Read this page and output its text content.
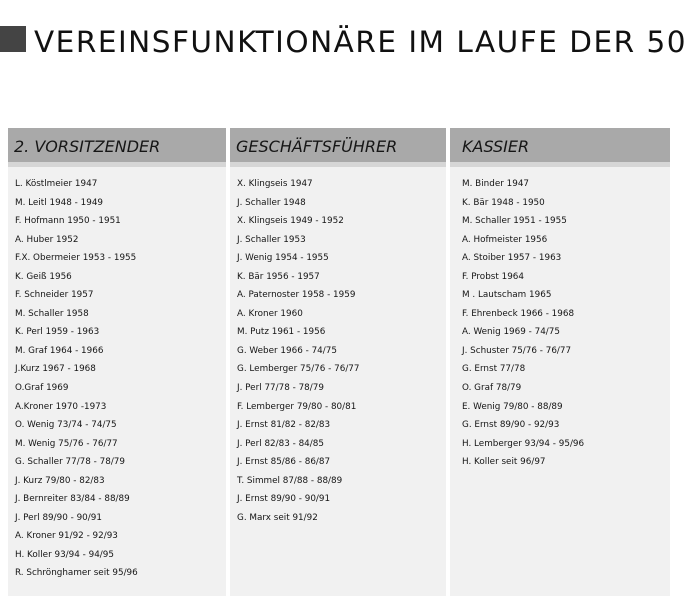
VEREINSFUNKTIONÄRE IM LAUFE DER 50
2. VORSITZENDER
L. Köstlmeier 1947
M. Leitl 1948 - 1949
F. Hofmann 1950 - 1951
A. Huber 1952
F.X. Obermeier 1953 - 1955
K. Geiß 1956
F. Schneider 1957
M. Schaller 1958
K. Perl 1959 - 1963
M. Graf 1964 - 1966
J.Kurz 1967 - 1968
O.Graf 1969
A.Kroner 1970 -1973
O. Wenig 73/74 - 74/75
M. Wenig 75/76 - 76/77
G. Schaller 77/78 - 78/79
J. Kurz 79/80 - 82/83
J. Bernreiter 83/84 - 88/89
J. Perl 89/90 - 90/91
A. Kroner 91/92 - 92/93
H. Koller 93/94 - 94/95
R. Schrönghamer seit 95/96
GESCHÄFTSFÜHRER
X. Klingseis 1947
J. Schaller 1948
X. Klingseis 1949 - 1952
J. Schaller 1953
J. Wenig 1954 - 1955
K. Bär 1956 - 1957
A. Paternoster 1958 - 1959
A. Kroner 1960
M. Putz 1961 - 1956
G. Weber 1966 - 74/75
G. Lemberger 75/76 - 76/77
J. Perl 77/78 - 78/79
F. Lemberger 79/80 - 80/81
J. Ernst 81/82 - 82/83
J. Perl 82/83 - 84/85
J. Ernst 85/86 - 86/87
T. Simmel 87/88 - 88/89
J. Ernst 89/90 - 90/91
G. Marx seit 91/92
KASSIER
M. Binder 1947
K. Bär 1948 - 1950
M. Schaller 1951 - 1955
A. Hofmeister 1956
A. Stoiber 1957 - 1963
F. Probst 1964
M . Lautscham 1965
F. Ehrenbeck 1966 - 1968
A. Wenig 1969 - 74/75
J. Schuster 75/76 - 76/77
G. Ernst 77/78
O. Graf 78/79
E. Wenig 79/80 - 88/89
G. Ernst 89/90 - 92/93
H. Lemberger 93/94 - 95/96
H. Koller seit 96/97
